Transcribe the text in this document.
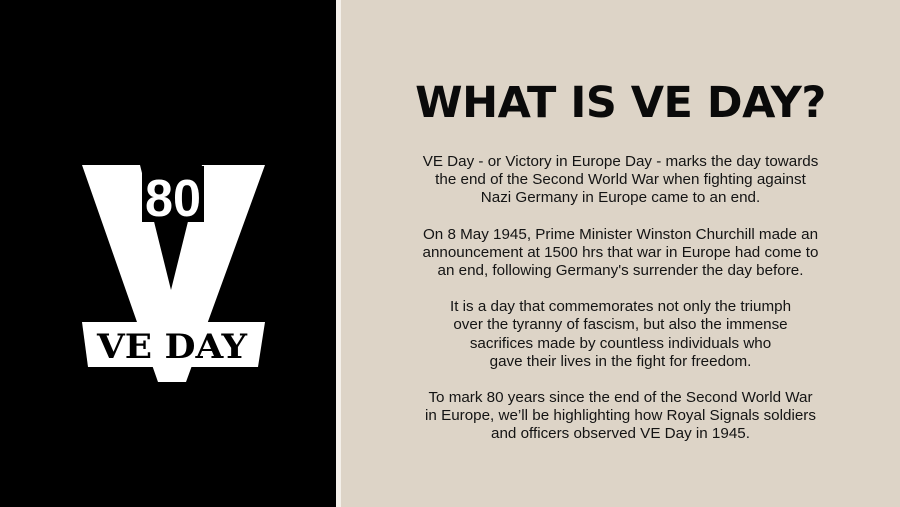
80
VE DAY
WHAT IS VE DAY?

VE Day - or Victory in Europe Day - marks the day towards
the end of the Second World War when fighting against
Nazi Germany in Europe came to an end.

On 8 May 1945, Prime Minister Winston Churchill made an
announcement at 1500 hrs that war in Europe had come to
an end, following Germany's surrender the day before.

It is a day that commemorates not only the triumph
over the tyranny of fascism, but also the immense
sacrifices made by countless individuals who
gave their lives in the fight for freedom.

To mark 80 years since the end of the Second World War
in Europe, we’ll be highlighting how Royal Signals soldiers
and officers observed VE Day in 1945.
